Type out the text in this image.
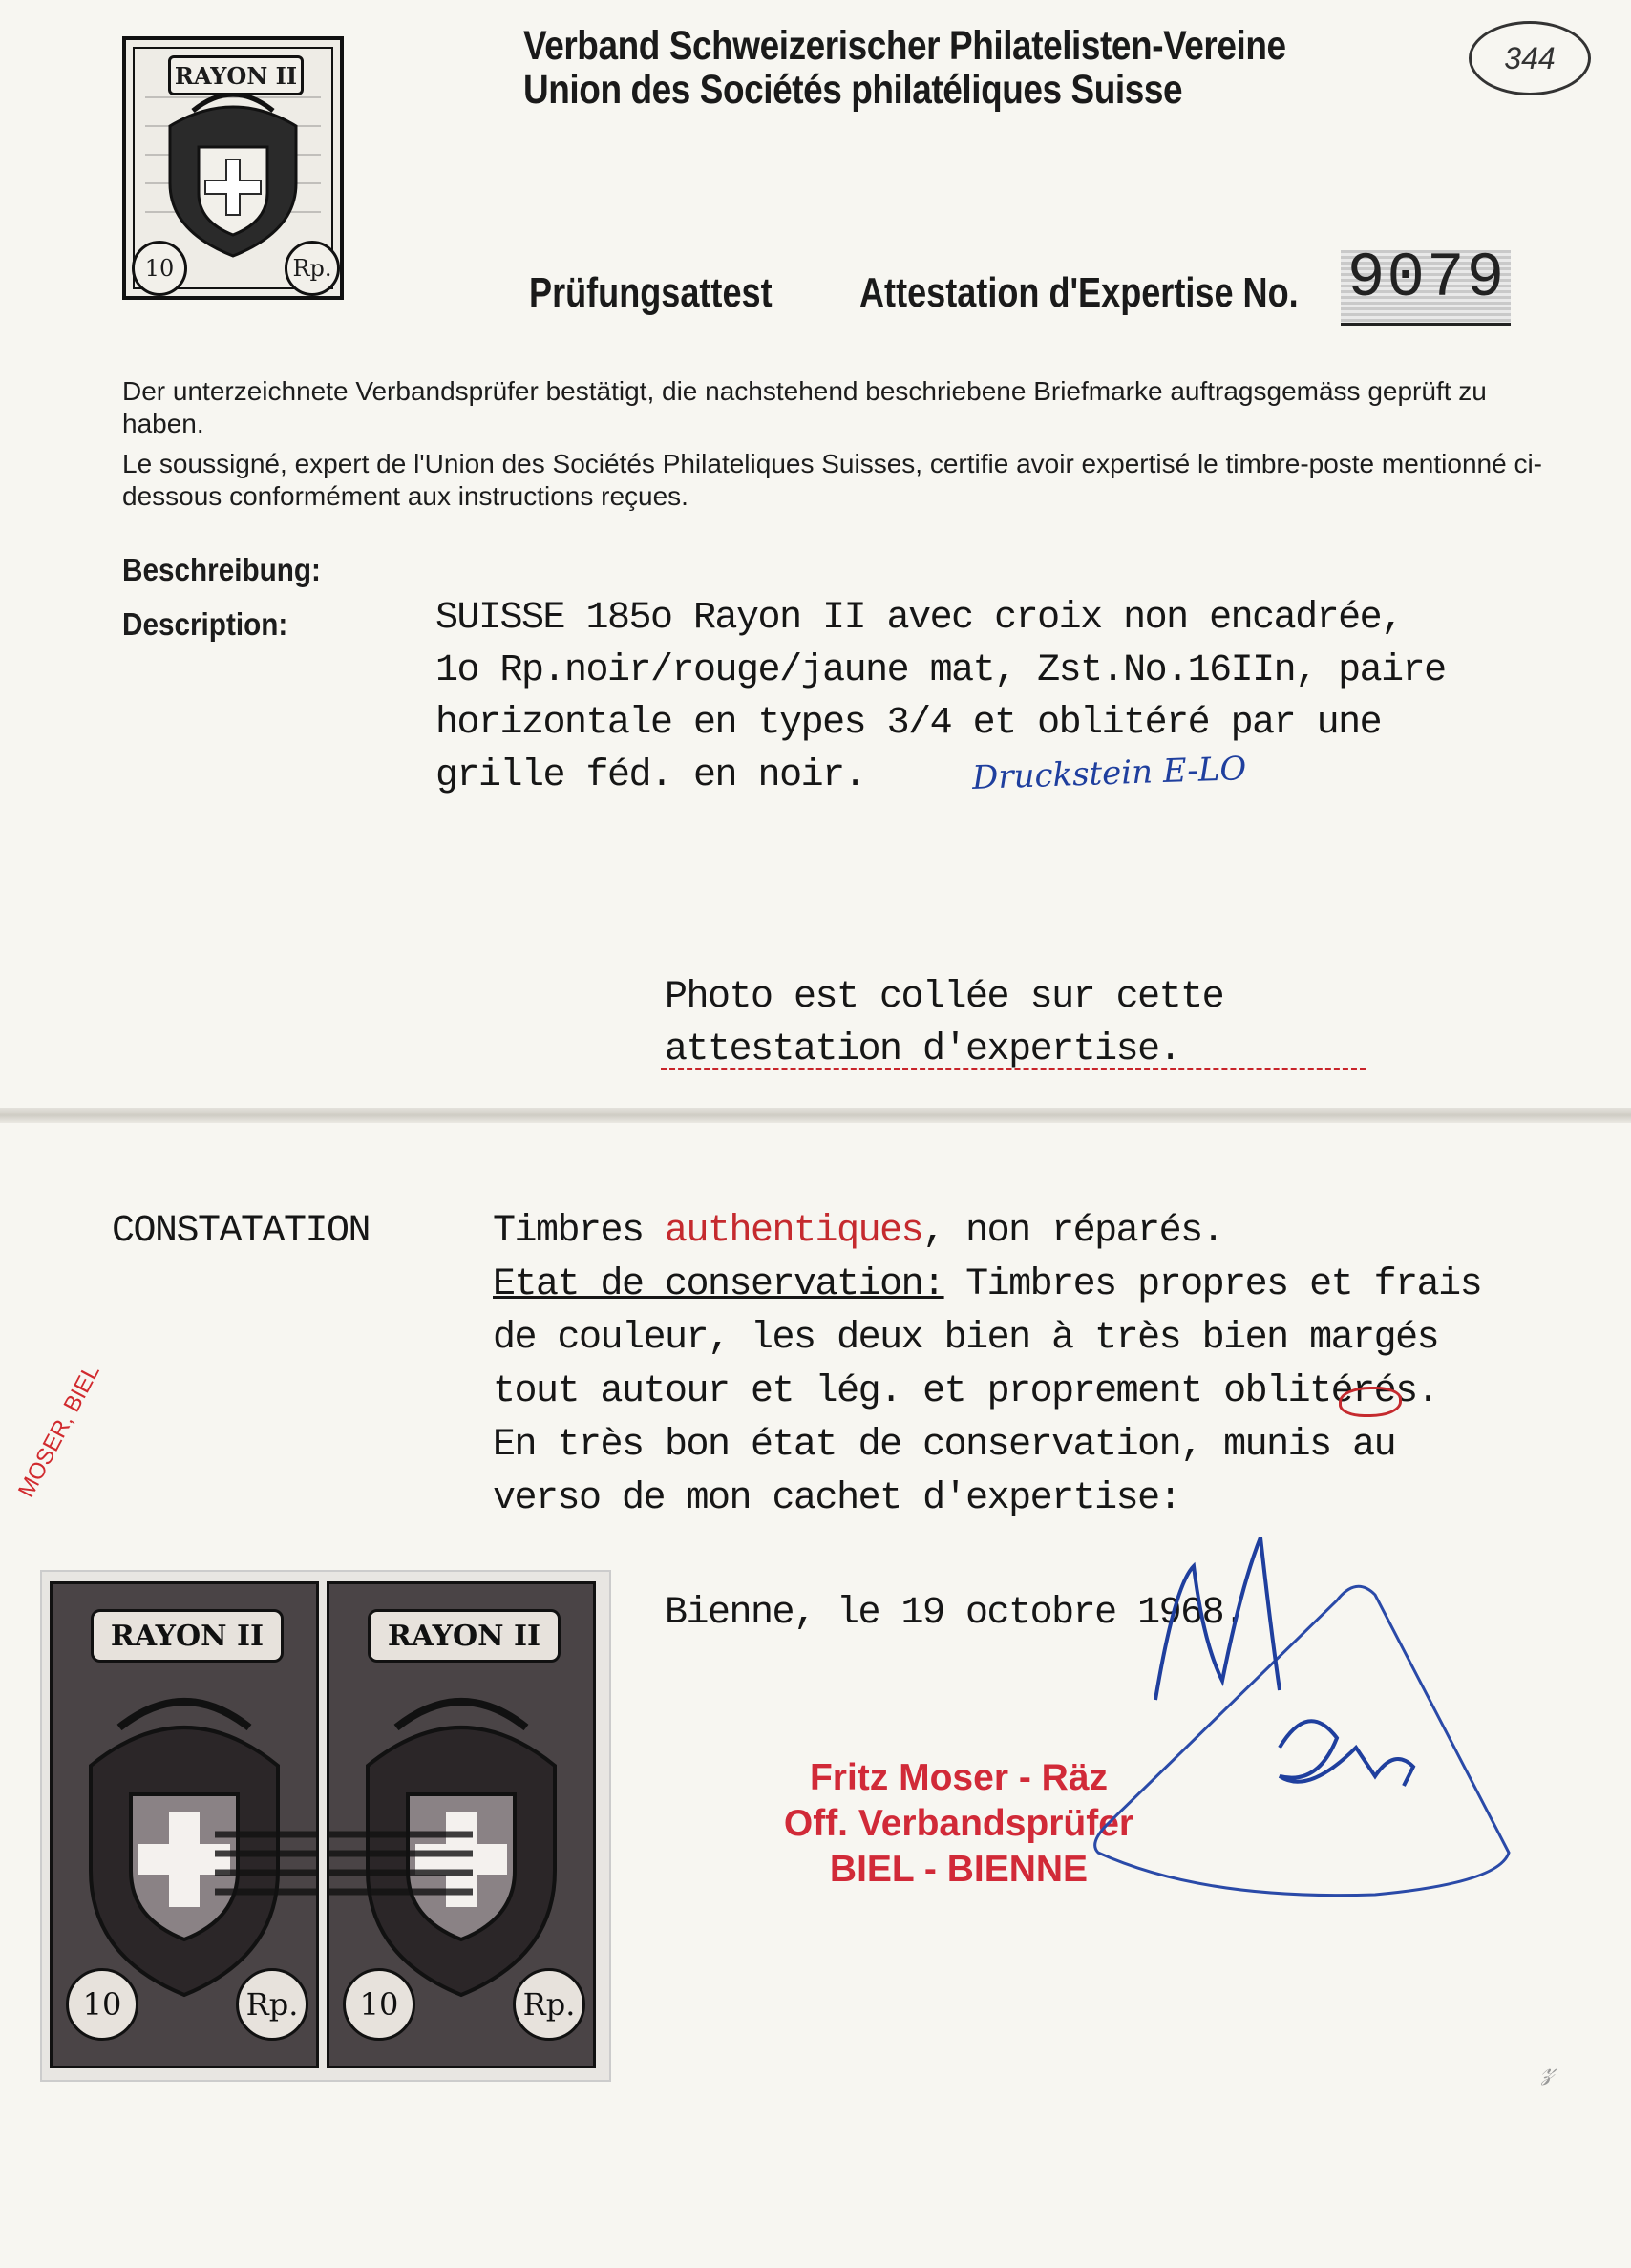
RAYON II
10	Rp.
Verband Schweizerischer Philatelisten-Vereine
Union des Sociétés philatéliques Suisse
344
Prüfungsattest Attestation d'Expertise No. 9079
Der unterzeichnete Verbandsprüfer bestätigt, die nachstehend beschriebene Briefmarke auftragsgemäss geprüft zu haben.
Le soussigné, expert de l'Union des Sociétés Philateliques Suisses, certifie avoir expertisé le timbre-poste mentionné ci-dessous conformément aux instructions reçues.
Beschreibung:
Description:	SUISSE 185o Rayon II avec croix non encadrée,
1o Rp.noir/rouge/jaune mat, Zst.No.16IIn, paire
horizontale en types 3/4 et oblitéré par une
grille féd. en noir.	Druckstein E-LO
Photo est collée sur cette
attestation d'expertise.
CONSTATATION	Timbres authentiques, non réparés.
Etat de conservation: Timbres propres et frais
de couleur, les deux bien à très bien margés
tout autour et lég. et proprement oblitérés.
En très bon état de conservation, munis au
verso de mon cachet d'expertise:
Bienne, le 19 octobre 1968.
MOSER, BIEL
RAYON II
10	Rp.
RAYON II
10	Rp.
Fritz Moser - Räz
Off. Verbandsprüfer
BIEL - BIENNE
𝓏
